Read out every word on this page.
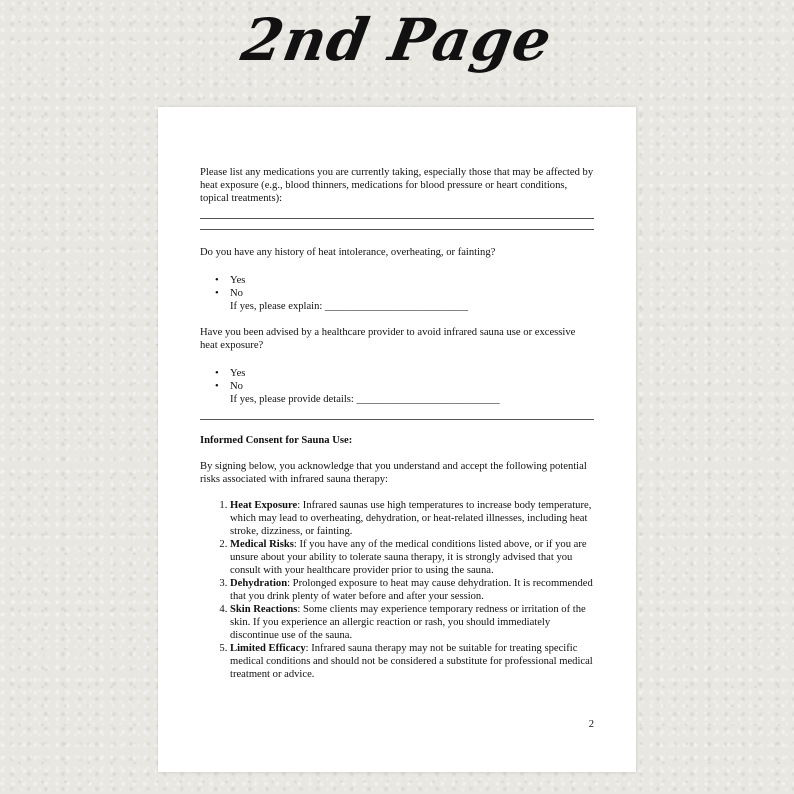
2nd Page

Please list any medications you are currently taking, especially those that may be affected by heat exposure (e.g., blood thinners, medications for blood pressure or heart conditions, topical treatments):

Do you have any history of heat intolerance, overheating, or fainting?

• Yes
• No
If yes, please explain: ___________________________

Have you been advised by a healthcare provider to avoid infrared sauna use or excessive heat exposure?

• Yes
• No
If yes, please provide details: ___________________________

Informed Consent for Sauna Use:

By signing below, you acknowledge that you understand and accept the following potential risks associated with infrared sauna therapy:

1. Heat Exposure: Infrared saunas use high temperatures to increase body temperature, which may lead to overheating, dehydration, or heat-related illnesses, including heat stroke, dizziness, or fainting.
2. Medical Risks: If you have any of the medical conditions listed above, or if you are unsure about your ability to tolerate sauna therapy, it is strongly advised that you consult with your healthcare provider prior to using the sauna.
3. Dehydration: Prolonged exposure to heat may cause dehydration. It is recommended that you drink plenty of water before and after your session.
4. Skin Reactions: Some clients may experience temporary redness or irritation of the skin. If you experience an allergic reaction or rash, you should immediately discontinue use of the sauna.
5. Limited Efficacy: Infrared sauna therapy may not be suitable for treating specific medical conditions and should not be considered a substitute for professional medical treatment or advice.
2
